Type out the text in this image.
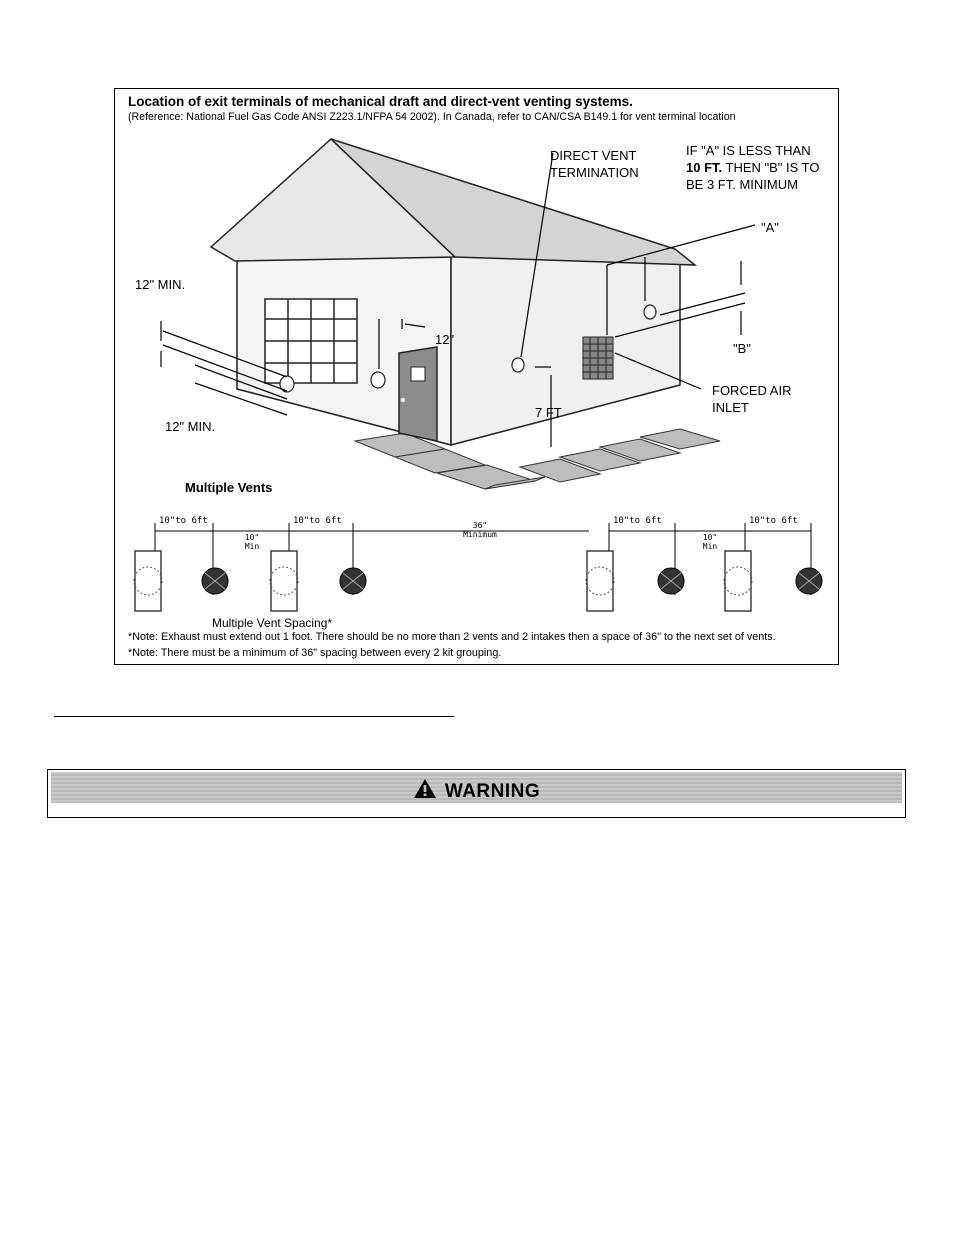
Location of exit terminals of mechanical draft and direct-vent venting systems.
(Reference: National Fuel Gas Code ANSI Z223.1/NFPA 54 2002). In Canada, refer to CAN/CSA B149.1 for vent terminal location
DIRECT VENT
TERMINATION
IF "A" IS LESS THAN
10 FT. THEN "B" IS TO
BE 3 FT. MINIMUM
"A"
"B"
12" MIN.
12" MIN.
12"
7 FT
FORCED AIR
INLET
Multiple Vents
10"to 6ft	10"to 6ft	10"to 6ft	10"to 6ft
10"
Min
36"
Minimum	10"
Min
Multiple Vent Spacing*
*Note: Exhaust must extend out 1 foot. There should be no more than 2 vents and 2 intakes then a space of 36" to the next set of vents.
*Note: There must be a minimum of 36" spacing between every 2 kit grouping.
WARNING
